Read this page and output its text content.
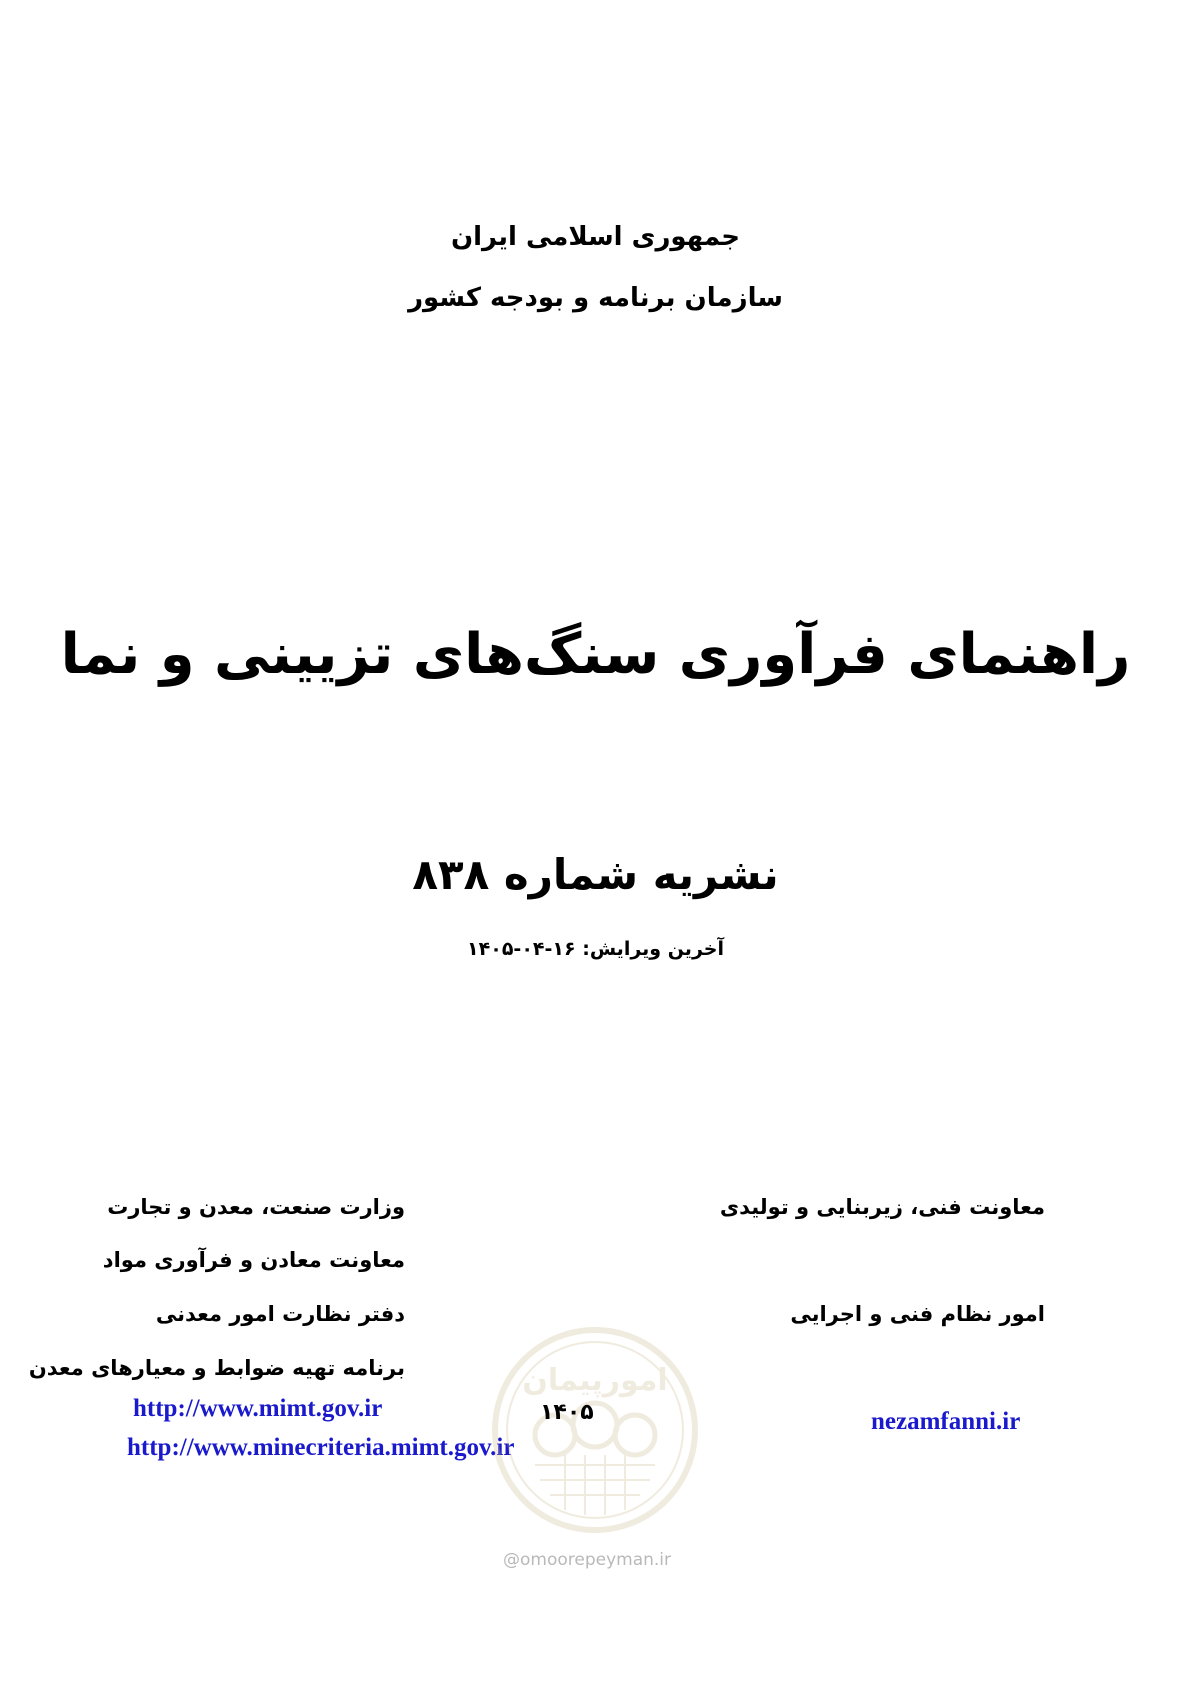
جمهوری اسلامی ایران
سازمان برنامه و بودجه کشور
راهنمای فرآوری سنگ‌های تزیینی و نما
نشریه شماره ۸۳۸
آخرین ویرایش: ۱۶-۰۴-۱۴۰۵
معاونت فنی، زیربنایی و تولیدی
امور نظام فنی و اجرایی
nezamfanni.ir
وزارت صنعت، معدن و تجارت
معاونت معادن و فرآوری مواد
دفتر نظارت امور معدنی
برنامه تهیه ضوابط و معیارهای معدن
http://www.mimt.gov.ir
http://www.minecriteria.mimt.gov.ir
امورپیمان
۱۴۰۵
@omoorepeyman.ir
